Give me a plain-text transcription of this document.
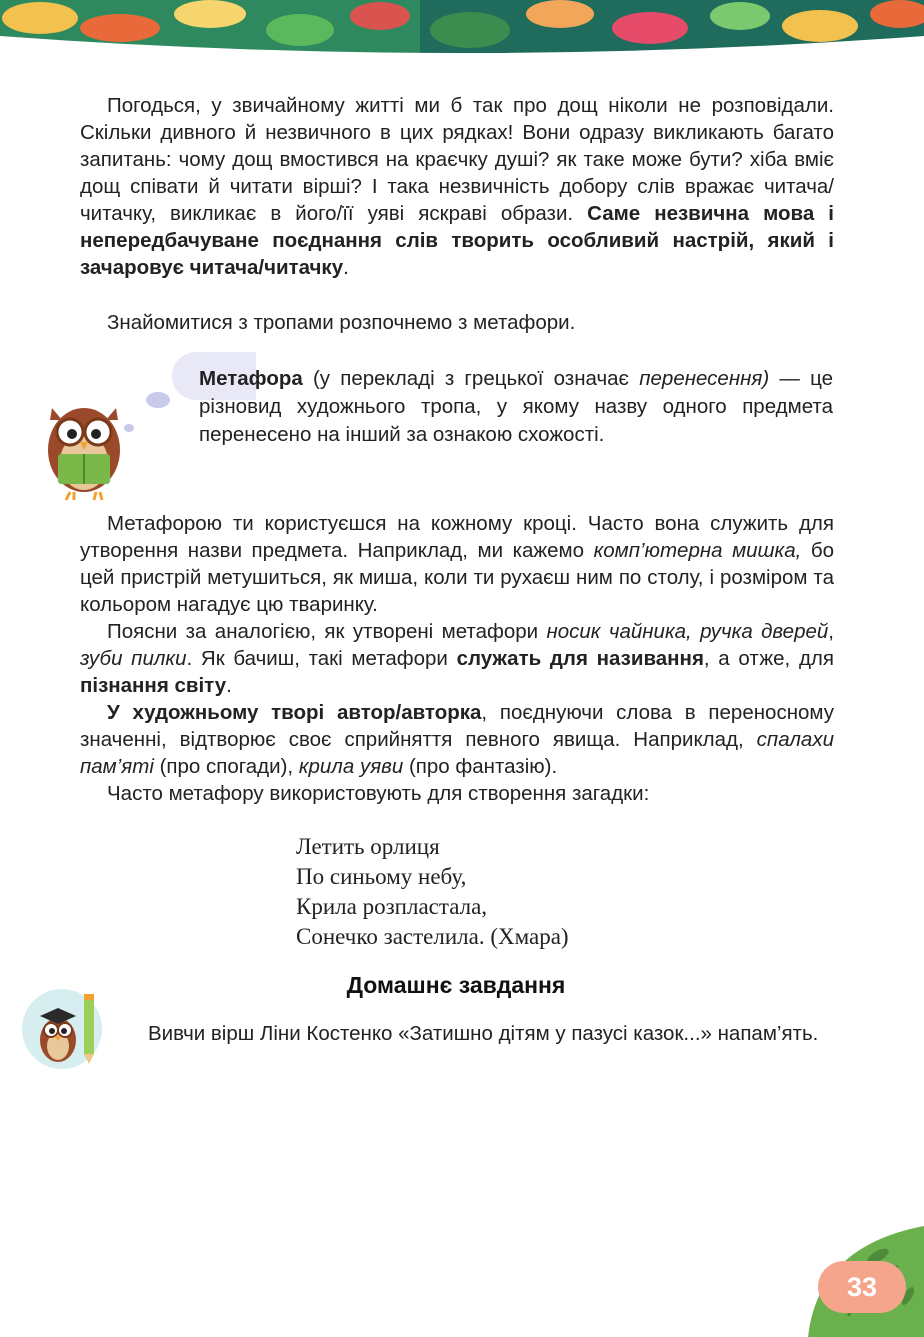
Погодься, у звичайному житті ми б так про дощ ніколи не розповідали. Скільки дивного й незвичного в цих рядках! Вони одразу викликають багато запитань: чому дощ вмостився на краєчку душі? як таке може бути? хіба вміє дощ співати й читати вірші? І така незвичність добору слів вражає читача/читачку, викликає в його/її уяві яскраві образи. Саме незвична мова і непередбачуване поєднання слів творить особливий настрій, який і зачаровує читача/читачку.

Знайомитися з тропами розпочнемо з метафори.

Метафора (у перекладі з грецької означає перенесення) — це різновид художнього тропа, у якому назву одного предмета перенесено на інший за ознакою схожості.

Метафорою ти користуєшся на кожному кроці. Часто вона служить для утворення назви предмета. Наприклад, ми кажемо комп’ютерна мишка, бо цей пристрій метушиться, як миша, коли ти рухаєш ним по столу, і розміром та кольором нагадує цю тваринку.

Поясни за аналогією, як утворені метафори носик чайника, ручка дверей, зуби пилки. Як бачиш, такі метафори служать для називання, а отже, для пізнання світу.

У художньому творі автор/авторка, поєднуючи слова в переносному значенні, відтворює своє сприйняття певного явища. Наприклад, спалахи пам’яті (про спогади), крила уяви (про фантазію).

Часто метафору використовують для створення загадки:

Летить орлиця
По синьому небу,
Крила розпластала,
Сонечко застелила. (Хмара)
Домашнє завдання

Вивчи вірш Ліни Костенко «Затишно дітям у пазусі казок...» напам’ять.

33
